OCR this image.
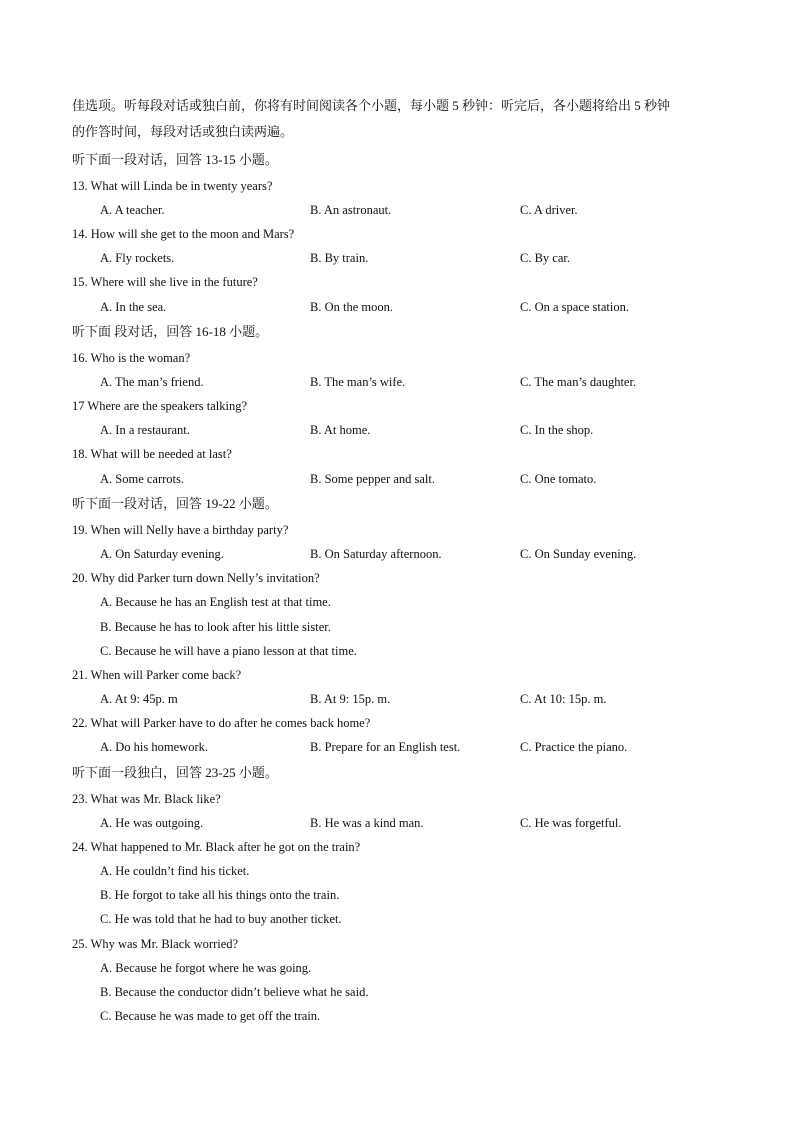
佳选项。听每段对话或独白前，你将有时间阅读各个小题，每小题 5 秒钟：听完后，各小题将给出 5 秒钟
的作答时间，每段对话或独白读两遍。
听下面一段对话，回答 13-15 小题。
13. What will Linda be in twenty years?
A. A teacher.	B. An astronaut.	C. A driver.
14. How will she get to the moon and Mars?
A. Fly rockets.	B. By train.	C. By car.
15. Where will she live in the future?
A. In the sea.	B. On the moon.	C. On a space station.
听下面 段对话，回答 16-18 小题。
16. Who is the woman?
A. The man’s friend.	B. The man’s wife.	C. The man’s daughter.
17 Where are the speakers talking?
A. In a restaurant.	B. At home.	C. In the shop.
18. What will be needed at last?
A. Some carrots.	B. Some pepper and salt.	C. One tomato.
听下面一段对话，回答 19-22 小题。
19. When will Nelly have a birthday party?
A. On Saturday evening.	B. On Saturday afternoon.	C. On Sunday evening.
20. Why did Parker turn down Nelly’s invitation?
A. Because he has an English test at that time.
B. Because he has to look after his little sister.
C. Because he will have a piano lesson at that time.
21. When will Parker come back?
A. At 9: 45p. m	B. At 9: 15p. m.	C. At 10: 15p. m.
22. What will Parker have to do after he comes back home?
A. Do his homework.	B. Prepare for an English test.	C. Practice the piano.
听下面一段独白，回答 23-25 小题。
23. What was Mr. Black like?
A. He was outgoing.	B. He was a kind man.	C. He was forgetful.
24. What happened to Mr. Black after he got on the train?
A. He couldn’t find his ticket.
B. He forgot to take all his things onto the train.
C. He was told that he had to buy another ticket.
25. Why was Mr. Black worried?
A. Because he forgot where he was going.
B. Because the conductor didn’t believe what he said.
C. Because he was made to get off the train.
